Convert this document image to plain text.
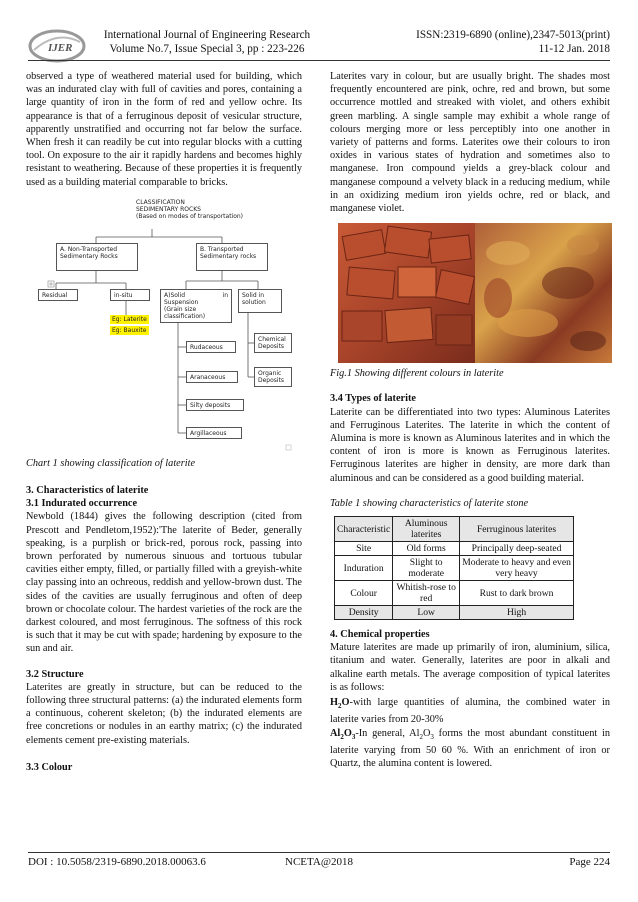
IJER
International Journal of Engineering Research
Volume No.7, Issue Special 3, pp : 223-226
ISSN:2319-6890 (online),2347-5013(print)
11-12 Jan. 2018

observed a type of weathered material used for building, which was an indurated clay with full of cavities and pores, containing a large quantity of iron in the form of red and yellow ochre. Its appearance is that of a ferruginous deposit of vesicular structure, apparently unstratified and occurring not far below the surface. When fresh it can readily be cut into regular blocks with a cutting tool. On exposure to the air it rapidly hardens and becomes highly resistant to weathering. Because of these properties it is frequently used as a building material comparable to bricks.

CLASSIFICATION
SEDIMENTARY ROCKS
(Based on modes of transportation)
A. Non-Transported
Sedimentary Rocks
B. Transported
Sedimentary rocks
Residual	in-situ
Eg: Laterite
Eg: Bauxite
A)Solid in Suspension
(Grain size
classification)
Solid in
solution
Rudaceous
Chemical
Deposits
Aranaceous
Organic
Deposits
Silty deposits
Argillaceous

Chart 1 showing classification of laterite

3. Characteristics of laterite

3.1 Indurated occurrence

Newbold (1844) gives the following description (cited from Prescott and Pendletom,1952):'The laterite of Beder, generally speaking, is a purplish or brick-red, porous rock, passing into brown perforated by numerous sinuous and tortuous tubular cavities either empty, filled, or partially filled with a greyish-white clay passing into an ochreous, reddish and yellow-brown dust. The sides of the cavities are usually ferruginous and often of deep brown or chocolate colour. The hardest varieties of the rock are the darkest coloured, and most ferruginous. The softness of this rock is such that it may be cut with spade; hardening by exposure to the sun and air.

3.2 Structure

Laterites are greatly in structure, but can be reduced to the following three structural patterns: (a) the indurated elements form a continuous, coherent skeleton; (b) the indurated elements are free concretions or nodules in an earthy matrix; (c) the indurated elements cement pre-existing materials.

3.3 Colour

Laterites vary in colour, but are usually bright. The shades most frequently encountered are pink, ochre, red and brown, but some occurrence mottled and streaked with violet, and others exhibit green marbling. A single sample may exhibit a whole range of colours merging more or less perceptibly into one another in variety of patterns and forms. Laterites owe their colours to iron oxides in various states of hydration and sometimes also to manganese. Iron compound yields a grey-black colour and manganese compound a velvety black in a reducing medium, while in an oxidizing medium iron yields ochre, red or black, and manganese violet.

Fig.1 Showing different colours in laterite

3.4 Types of laterite

Laterite can be differentiated into two types: Aluminous Laterites and Ferruginous Laterites. The laterite in which the content of Alumina is more is known as Aluminous laterites and in which the content of iron is more is known as Ferruginous laterites. Ferruginous laterites are higher in density, are more dark than aluminous and can be considered as a good building material.

Table 1 showing characteristics of laterite stone

Characteristic	Aluminous laterites	Ferruginous laterites
Site	Old forms	Principally deep-seated
Induration	Slight to moderate	Moderate to heavy and even very heavy
Colour	Whitish-rose to red	Rust to dark brown
Density	Low	High

4. Chemical properties

Mature laterites are made up primarily of iron, aluminium, silica, titanium and water. Generally, laterites are poor in alkali and alkaline earth metals. The average composition of typical laterites is as follows:

$H_2O$-with large quantities of alumina, the combined water in laterite varies from 20-30%

$Al_2O_3-In$ general, $Al_2O_3$ forms the most abundant constituent in laterite varying from 50 60 %. With an enrichment of iron or Quartz, the alumina content is lowered.

DOI : 10.5058/2319-6890.2018.00063.6	NCETA@2018	Page 224
